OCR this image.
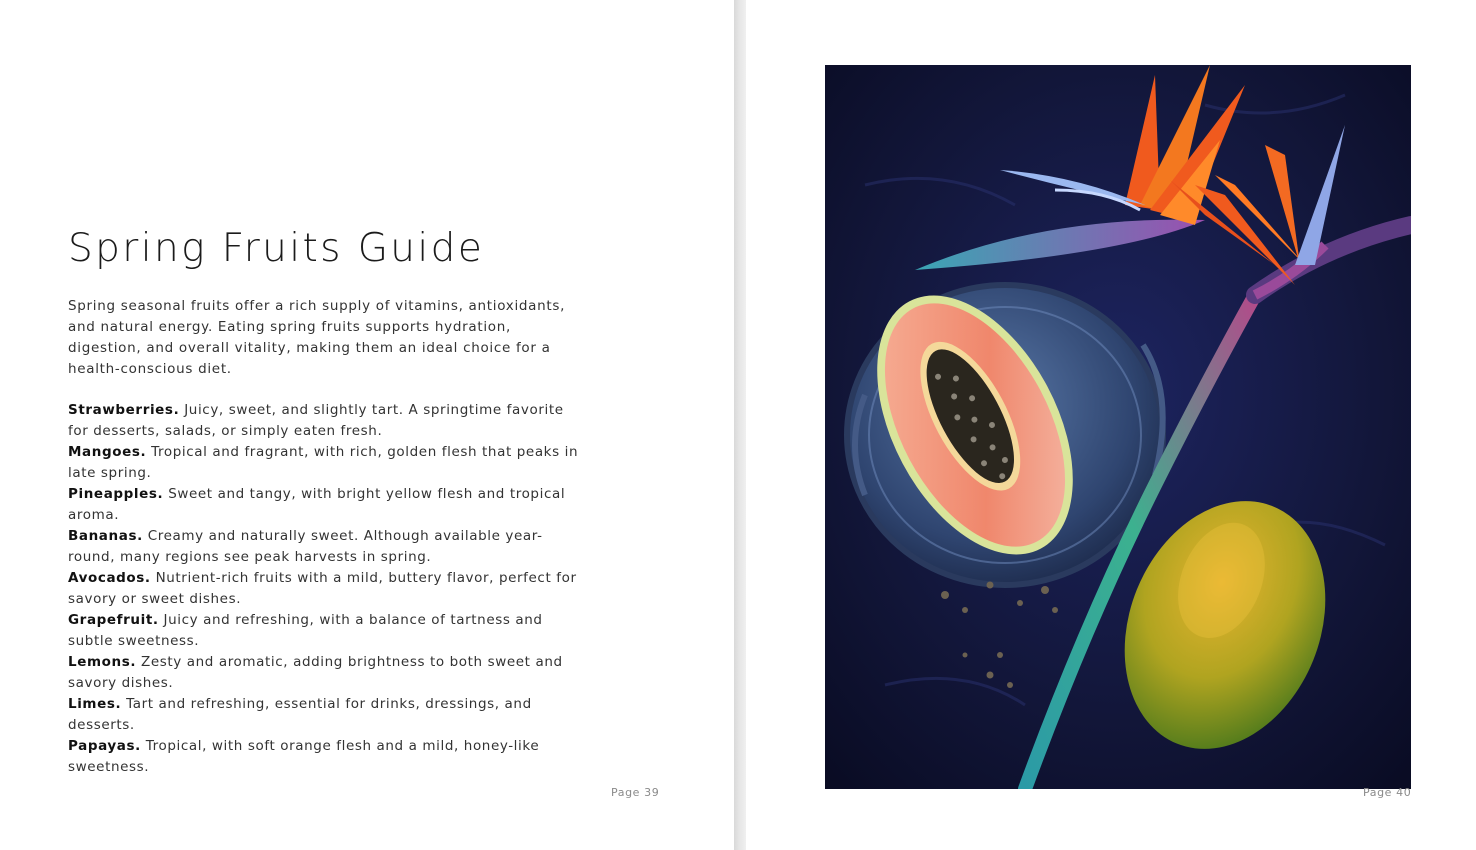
Spring Fruits Guide

Spring seasonal fruits offer a rich supply of vitamins, antioxidants, and natural energy. Eating spring fruits supports hydration, digestion, and overall vitality, making them an ideal choice for a health-conscious diet.

Strawberries. Juicy, sweet, and slightly tart. A springtime favorite for desserts, salads, or simply eaten fresh.
Mangoes. Tropical and fragrant, with rich, golden flesh that peaks in late spring.
Pineapples. Sweet and tangy, with bright yellow flesh and tropical aroma.
Bananas. Creamy and naturally sweet. Although available year-round, many regions see peak harvests in spring.
Avocados. Nutrient-rich fruits with a mild, buttery flavor, perfect for savory or sweet dishes.
Grapefruit. Juicy and refreshing, with a balance of tartness and subtle sweetness.
Lemons. Zesty and aromatic, adding brightness to both sweet and savory dishes.
Limes. Tart and refreshing, essential for drinks, dressings, and desserts.
Papayas. Tropical, with soft orange flesh and a mild, honey-like sweetness.
Page 39	Page 40
